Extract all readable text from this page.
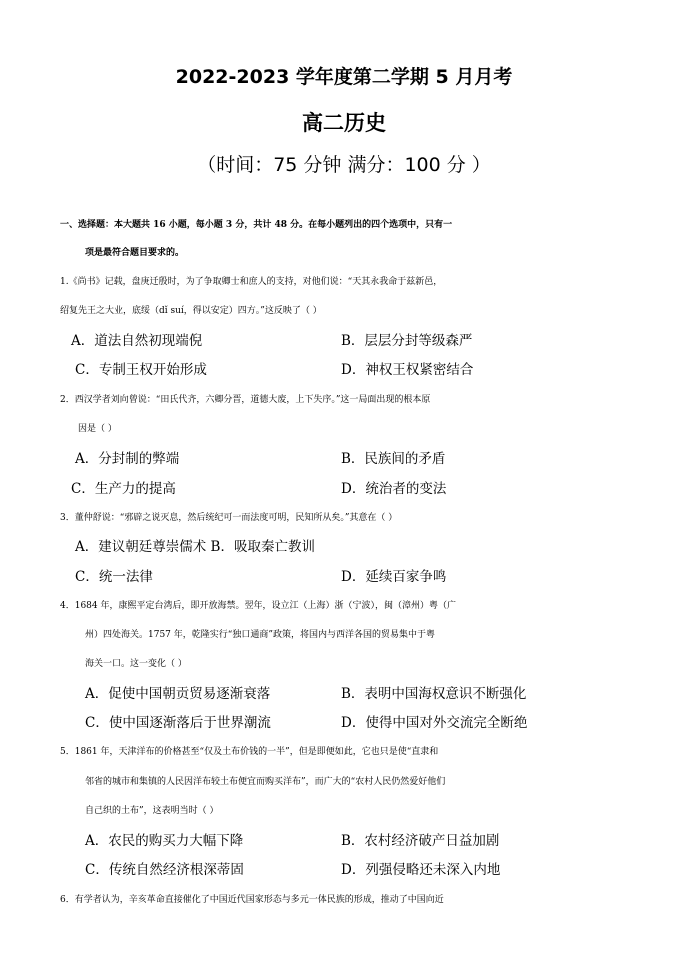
2022-2023 学年度第二学期 5 月月考
高二历史
（时间：75 分钟 满分：100 分 ）
一、选择题：本大题共 16 小题，每小题 3 分，共计 48 分。在每小题列出的四个选项中，只有一
项是最符合题目要求的。
1.《尚书》记载，盘庚迁殷时，为了争取卿士和庶人的支持，对他们说：“天其永我命于兹新邑，
绍复先王之大业，底绥（dǐ suí，得以安定）四方。”这反映了（ ）
A．道法自然初现端倪	B．层层分封等级森严
C．专制王权开始形成	D．神权王权紧密结合
2．西汉学者刘向曾说：“田氏代齐，六卿分晋，道德大废，上下失序。”这一局面出现的根本原
因是（ ）
A．分封制的弊端	B．民族间的矛盾
C．生产力的提高	D．统治者的变法
3．董仲舒说：“邪辟之说灭息，然后统纪可一而法度可明，民知所从矣。”其意在（ ）
A．建议朝廷尊崇儒术 B．吸取秦亡教训
C．统一法律	D．延续百家争鸣
4．1684 年，康熙平定台湾后，即开放海禁。翌年，设立江（上海）浙（宁波），闽（漳州）粤（广
州）四处海关。1757 年，乾隆实行“独口通商”政策，将国内与西洋各国的贸易集中于粤
海关一口。这一变化（ ）
A．促使中国朝贡贸易逐渐衰落	B．表明中国海权意识不断强化
C．使中国逐渐落后于世界潮流	D．使得中国对外交流完全断绝
5．1861 年，天津洋布的价格甚至“仅及土布价钱的一半”，但是即便如此，它也只是使“直隶和
邻省的城市和集镇的人民因洋布较土布便宜而购买洋布”，而广大的“农村人民仍然爱好他们
自己织的土布”，这表明当时（ ）
A．农民的购买力大幅下降	B．农村经济破产日益加剧
C．传统自然经济根深蒂固	D．列强侵略还未深入内地
6．有学者认为，辛亥革命直接催化了中国近代国家形态与多元一体民族的形成，推动了中国向近
